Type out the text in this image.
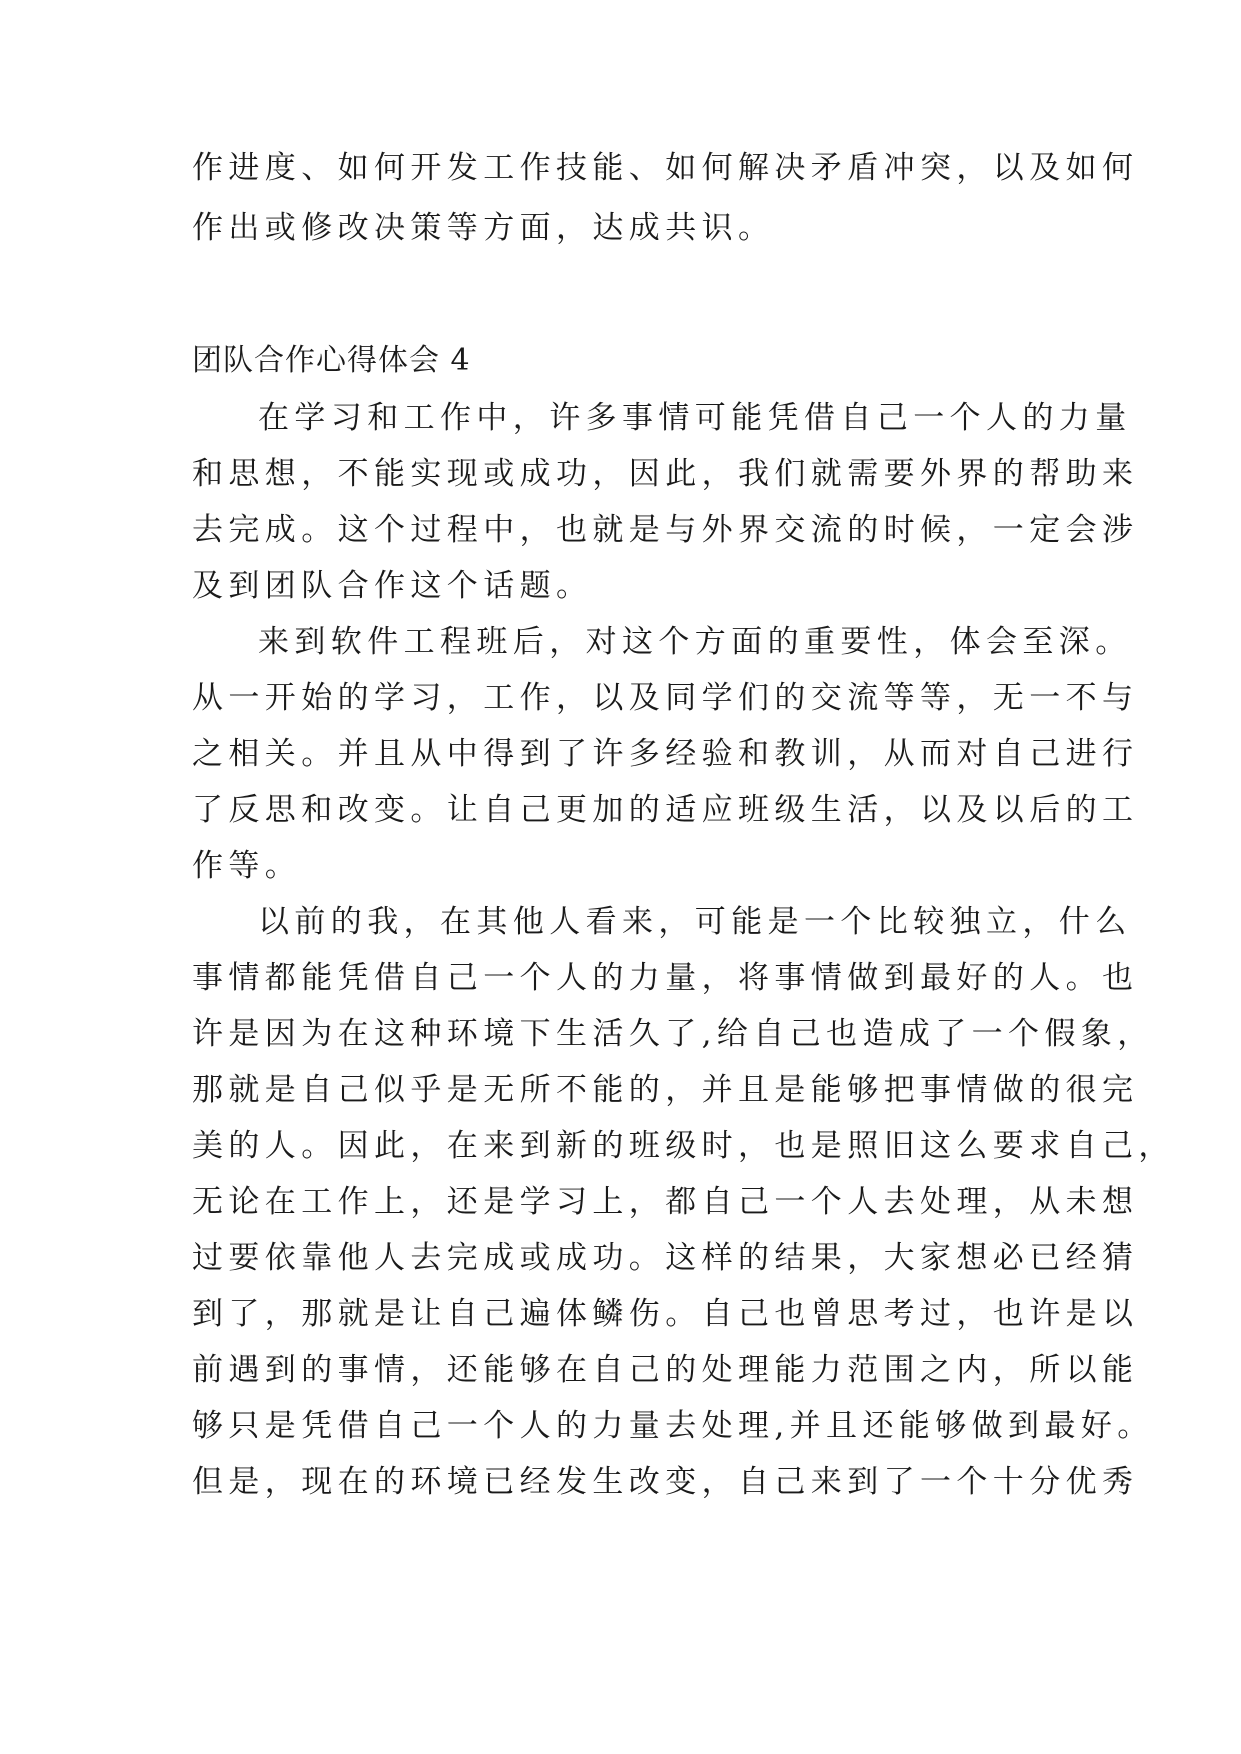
作进度、如何开发工作技能、如何解决矛盾冲突，以及如何
作出或修改决策等方面，达成共识。
团队合作心得体会 4
在学习和工作中，许多事情可能凭借自己一个人的力量
和思想，不能实现或成功，因此，我们就需要外界的帮助来
去完成。这个过程中，也就是与外界交流的时候，一定会涉
及到团队合作这个话题。
来到软件工程班后，对这个方面的重要性，体会至深。
从一开始的学习，工作，以及同学们的交流等等，无一不与
之相关。并且从中得到了许多经验和教训，从而对自己进行
了反思和改变。让自己更加的适应班级生活，以及以后的工
作等。
以前的我，在其他人看来，可能是一个比较独立，什么
事情都能凭借自己一个人的力量，将事情做到最好的人。也
许是因为在这种环境下生活久了,给自己也造成了一个假象，
那就是自己似乎是无所不能的，并且是能够把事情做的很完
美的人。因此，在来到新的班级时，也是照旧这么要求自己，
无论在工作上，还是学习上，都自己一个人去处理，从未想
过要依靠他人去完成或成功。这样的结果，大家想必已经猜
到了，那就是让自己遍体鳞伤。自己也曾思考过，也许是以
前遇到的事情，还能够在自己的处理能力范围之内，所以能
够只是凭借自己一个人的力量去处理,并且还能够做到最好。
但是，现在的环境已经发生改变，自己来到了一个十分优秀
